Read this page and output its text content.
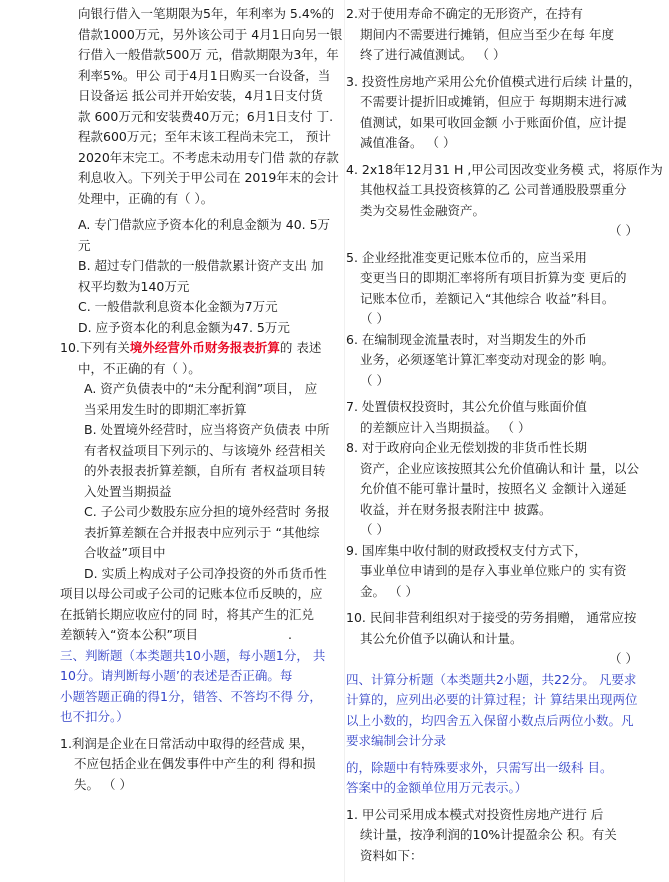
向银行借入一笔期限为5年，年利率为 5.4%的
借款1000万元，另外该公司于 4月1日向另一银
行借入一般借款500万 元，借款期限为3年，年
利率5%。甲公 司于4月1日购买一台设备，当
日设备运 抵公司并开始安装，4月1日支付货
款 600万元和安装费40万元；6月1日支付 丁.
程款600万元；至年末该工程尚未完工， 预计
2020年末完工。不考虑未动用专门借 款的存款
利息收入。下列关于甲公司在 2019年末的会计
处理中，正确的有（ ）。
A. 专门借款应予资本化的利息金额为 40. 5万
元
B. 超过专门借款的一般借款累计资产支出 加
权平均数为140万元
C. 一般借款利息资本化金额为7万元
D. 应予资本化的利息金额为47. 5万元
10.下列有关境外经营外币财务报表折算的 表述
中，不正确的有（ ）。
A. 资产负债表中的“未分配利润”项目， 应
当采用发生时的即期汇率折算
B. 处置境外经营时，应当将资产负债表 中所
有者权益项目下列示的、与该境外 经营相关
的外表报表折算差额，自所有 者权益项目转
入处置当期损益
C. 子公司少数股东应分担的境外经营时 务报
表折算差额在合并报表中应列示于 “其他综
合收益”项目中
D. 实质上构成对子公司净投资的外币货币性
项目以母公司或子公司的记账本位币反映的，应
在抵销长期应收应付的同 时，将其产生的汇兑
差额转入“资本公积”项目	.
三、判断题（本类题共10小题，每小题1分， 共
10分。请判断每小题’的表述是否正确。每
小题答题正确的得1分，错答、不答均不得 分，
也不扣分。）
1.利润是企业在日常活动中取得的经营成 果，
不应包括企业在偶发事件中产生的利 得和损
失。 （ ）
2.对于使用寿命不确定的无形资产，在持有
期间内不需要进行摊销，但应当至少在每 年度
终了进行减值测试。 （ ）
3. 投资性房地产采用公允价值模式进行后续 计量的，
不需要计提折旧或摊销，但应于 每期期末进行减
值测试，如果可收回金额 小于账面价值，应计提
减值准备。 （ ）
4. 2x18年12月31 H ,甲公司因改变业务模 式，将原作为
其他权益工具投资核算的乙 公司普通股股票重分
类为交易性金融资产。
（ ）
5. 企业经批准变更记账本位币的，应当采用
变更当日的即期汇率将所有项目折算为变 更后的
记账本位币，差额记入“其他综合 收益”科目。
（ ）
6. 在编制现金流量表时，对当期发生的外币
业务，必须逐笔计算汇率变动对现金的影 响。
（ ）
7. 处置债权投资时，其公允价值与账面价值
的差额应计入当期损益。 （ ）
8. 对于政府向企业无偿划拨的非货币性长期
资产，企业应该按照其公允价值确认和计 量，以公
允价值不能可靠计量时，按照名义 金额计入递延
收益，并在财务报表附注中 披露。
（ ）
9. 国库集中收付制的财政授权支付方式下，
事业单位申请到的是存入事业单位账户的 实有资
金。 （ ）
10. 民间非营利组织对于接受的劳务捐赠， 通常应按
其公允价值予以确认和计量。
（ ）
四、计算分析题（本类题共2小题，共22分。 凡要求
计算的，应列出必要的计算过程；计 算结果出现两位
以上小数的，均四舍五入保留小数点后两位小数。凡
要求编制会计分录
的，除题中有特殊要求外，只需写出一级科 目。
答案中的金额单位用万元表示。）
1. 甲公司采用成本模式对投资性房地产进行 后
续计量，按净利润的10%计提盈余公 积。有关
资料如下：
